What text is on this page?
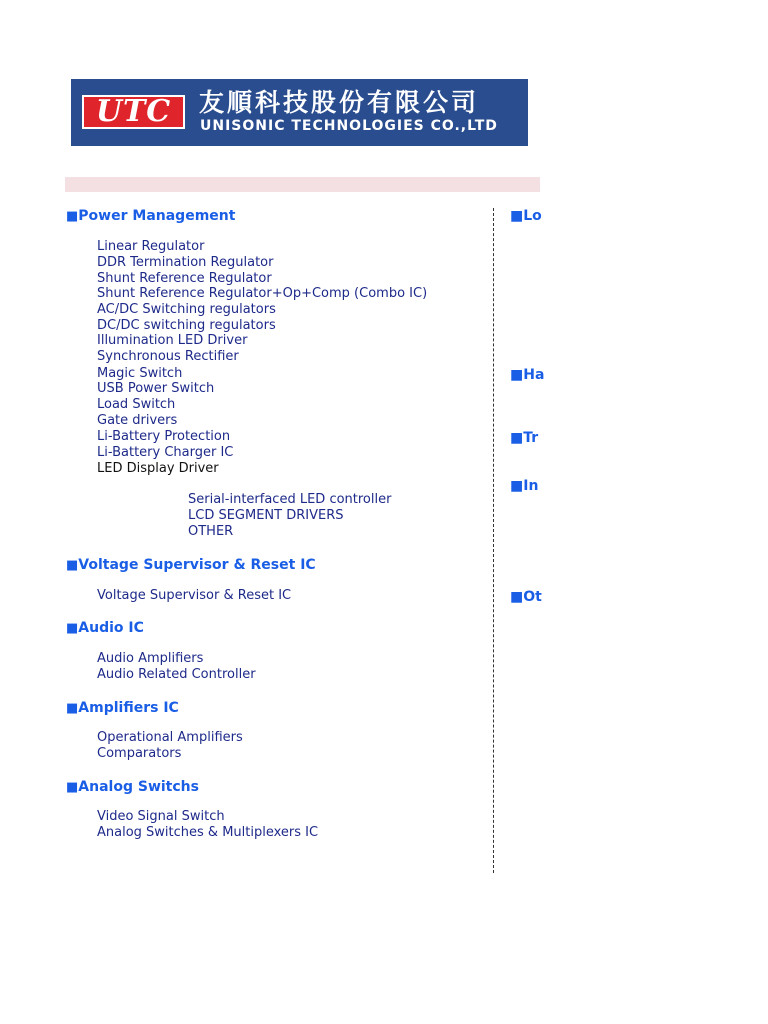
UTC	友順科技股份有限公司
UNISONIC TECHNOLOGIES CO.,LTD
■Power Management
Linear Regulator
DDR Termination Regulator
Shunt Reference Regulator
Shunt Reference Regulator+Op+Comp (Combo IC)
AC/DC Switching regulators
DC/DC switching regulators
Illumination LED Driver
Synchronous Rectifier
Magic Switch
USB Power Switch
Load Switch
Gate drivers
Li-Battery Protection
Li-Battery Charger IC
LED Display Driver
Serial-interfaced LED controller
LCD SEGMENT DRIVERS
OTHER
■Voltage Supervisor & Reset IC
Voltage Supervisor & Reset IC
■Audio IC
Audio Amplifiers
Audio Related Controller
■Amplifiers IC
Operational Amplifiers
Comparators
■Analog Switchs
Video Signal Switch
Analog Switches & Multiplexers IC
■Lo
■Ha
■Tr
■In
■Ot
